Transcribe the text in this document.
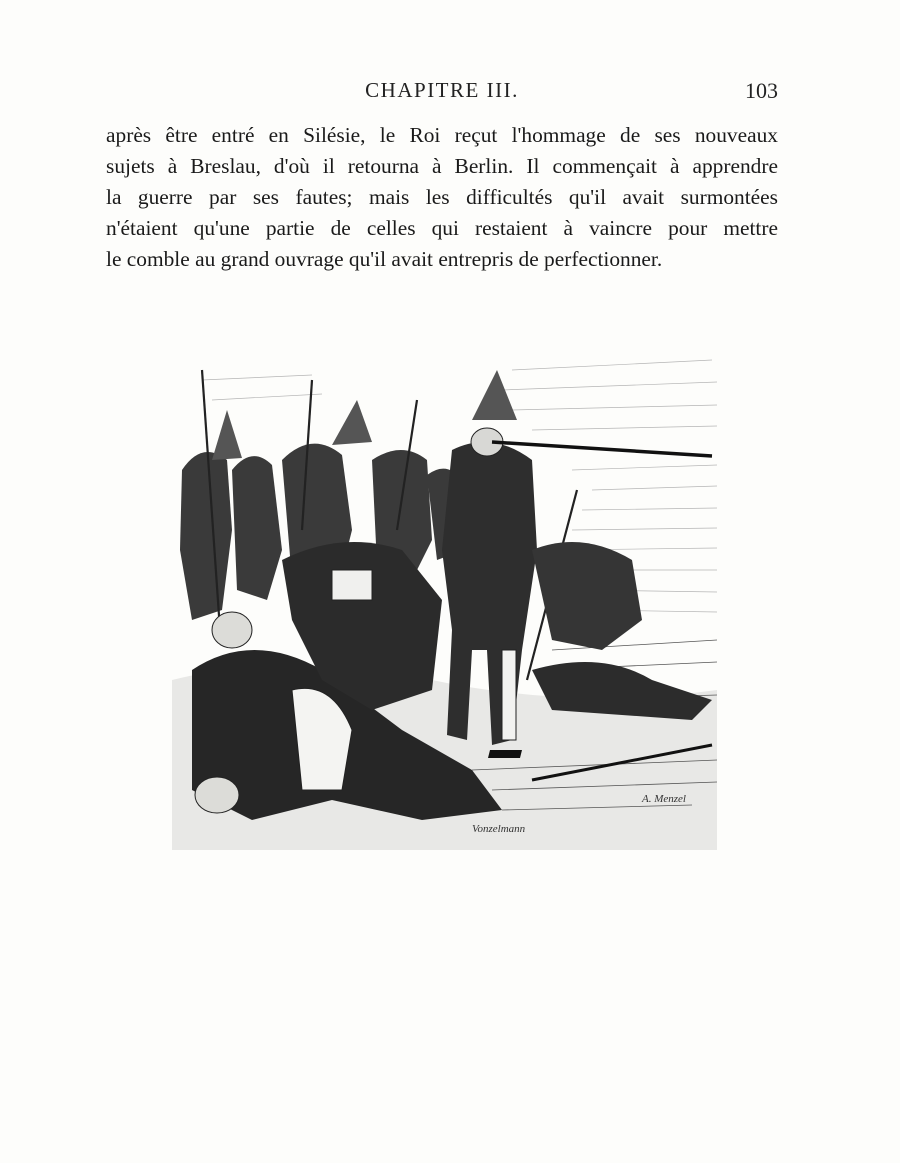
CHAPITRE III.	103
après être entré en Silésie, le Roi reçut l'hommage de ses nouveaux
sujets à Breslau, d'où il retourna à Berlin. Il commençait à apprendre
la guerre par ses fautes; mais les difficultés qu'il avait surmontées
n'étaient qu'une partie de celles qui restaient à vaincre pour mettre
le comble au grand ouvrage qu'il avait entrepris de perfectionner.
A. Menzel
Vonzelmann
